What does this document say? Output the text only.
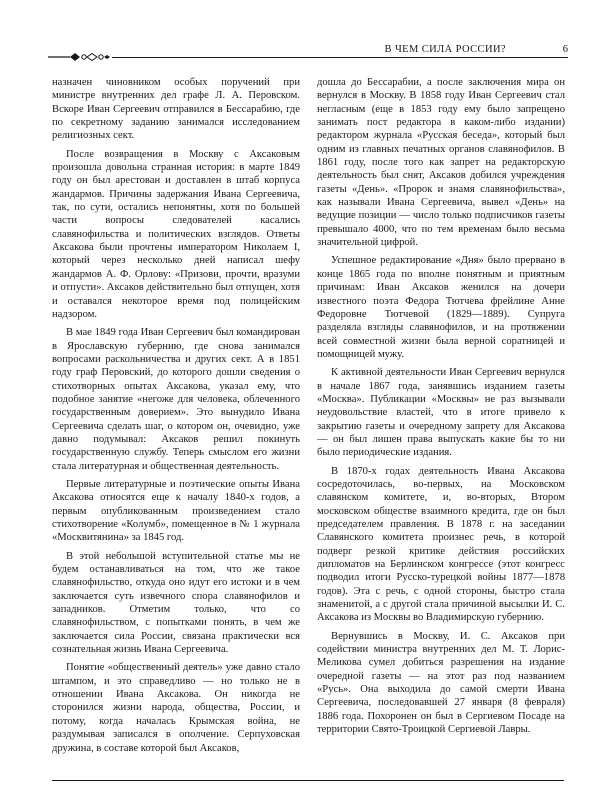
В ЧЕМ СИЛА РОССИИ?	6

назначен чиновником особых поручений при министре внутренних дел графе Л. А. Перовском. Вскоре Иван Сергеевич отправился в Бессарабию, где по секретному заданию занимался исследованием религиозных сект.

После возвращения в Москву с Аксаковым произошла довольна странная история: в марте 1849 году он был арестован и доставлен в штаб корпуса жандармов. Причины задержания Ивана Сергеевича, так, по сути, остались непонятны, хотя по большей части вопросы следователей касались славянофильства и политических взглядов. Ответы Аксакова были прочтены императором Николаем I, который через несколько дней написал шефу жандармов А. Ф. Орлову: «Призови, прочти, вразуми и отпусти». Аксаков действительно был отпущен, хотя и оставался некоторое время под полицейским надзором.

В мае 1849 года Иван Сергеевич был командирован в Ярославскую губернию, где снова занимался вопросами раскольничества и других сект. А в 1851 году граф Перовский, до которого дошли сведения о стихотворных опытах Аксакова, указал ему, что подобное занятие «негоже для человека, облеченного государственным доверием». Это вынудило Ивана Сергеевича сделать шаг, о котором он, очевидно, уже давно подумывал: Аксаков решил покинуть государственную службу. Теперь смыслом его жизни стала литературная и общественная деятельность.

Первые литературные и поэтические опыты Ивана Аксакова относятся еще к началу 1840-х годов, а первым опубликованным произведением стало стихотворение «Колумб», помещенное в № 1 журнала «Москвитянина» за 1845 год.

В этой небольшой вступительной статье мы не будем останавливаться на том, что же такое славянофильство, откуда оно идут его истоки и в чем заключается суть извечного спора славянофилов и западников. Отметим только, что со славянофильством, с попытками понять, в чем же заключается сила России, связана практически вся сознательная жизнь Ивана Сергеевича.

Понятие «общественный деятель» уже давно стало штампом, и это справедливо — но только не в отношении Ивана Аксакова. Он никогда не сторонился жизни народа, общества, России, и потому, когда началась Крымская война, не раздумывая записался в ополчение. Серпуховская дружина, в составе которой был Аксаков,

дошла до Бессарабии, а после заключения мира он вернулся в Москву. В 1858 году Иван Сергеевич стал негласным (еще в 1853 году ему было запрещено занимать пост редактора в каком-либо издании) редактором журнала «Русская беседа», который был одним из главных печатных органов славянофилов. В 1861 году, после того как запрет на редакторскую деятельность был снят, Аксаков добился учреждения газеты «День». «Пророк и знамя славянофильства», как называли Ивана Сергеевича, вывел «День» на ведущие позиции — число только подписчиков газеты превышало 4000, что по тем временам было весьма значительной цифрой.

Успешное редактирование «Дня» было прервано в конце 1865 года по вполне понятным и приятным причинам: Иван Аксаков женился на дочери известного поэта Федора Тютчева фрейлине Анне Федоровне Тютчевой (1829—1889). Супруга разделяла взгляды славянофилов, и на протяжении всей совместной жизни была верной соратницей и помощницей мужу.

К активной деятельности Иван Сергеевич вернулся в начале 1867 года, занявшись изданием газеты «Москва». Публикации «Москвы» не раз вызывали неудовольствие властей, что в итоге привело к закрытию газеты и очередному запрету для Аксакова — он был лишен права выпускать какие бы то ни было периодические издания.

В 1870-х годах деятельность Ивана Аксакова сосредоточилась, во-первых, на Московском славянском комитете, и, во-вторых, Втором московском обществе взаимного кредита, где он был председателем правления. В 1878 г. на заседании Славянского комитета произнес речь, в которой подверг резкой критике действия российских дипломатов на Берлинском конгрессе (этот конгресс подводил итоги Русско-турецкой войны 1877—1878 годов). Эта с речь, с одной стороны, быстро стала знаменитой, а с другой стала причиной высылки И. С. Аксакова из Москвы во Владимирскую губернию.

Вернувшись в Москву, И. С. Аксаков при содействии министра внутренних дел М. Т. Лорис-Меликова сумел добиться разрешения на издание очередной газеты — на этот раз под названием «Русь». Она выходила до самой смерти Ивана Сергеевича, последовавшей 27 января (8 февраля) 1886 года. Похоронен он был в Сергиевом Посаде на территории Свято-Троицкой Сергиевой Лавры.
